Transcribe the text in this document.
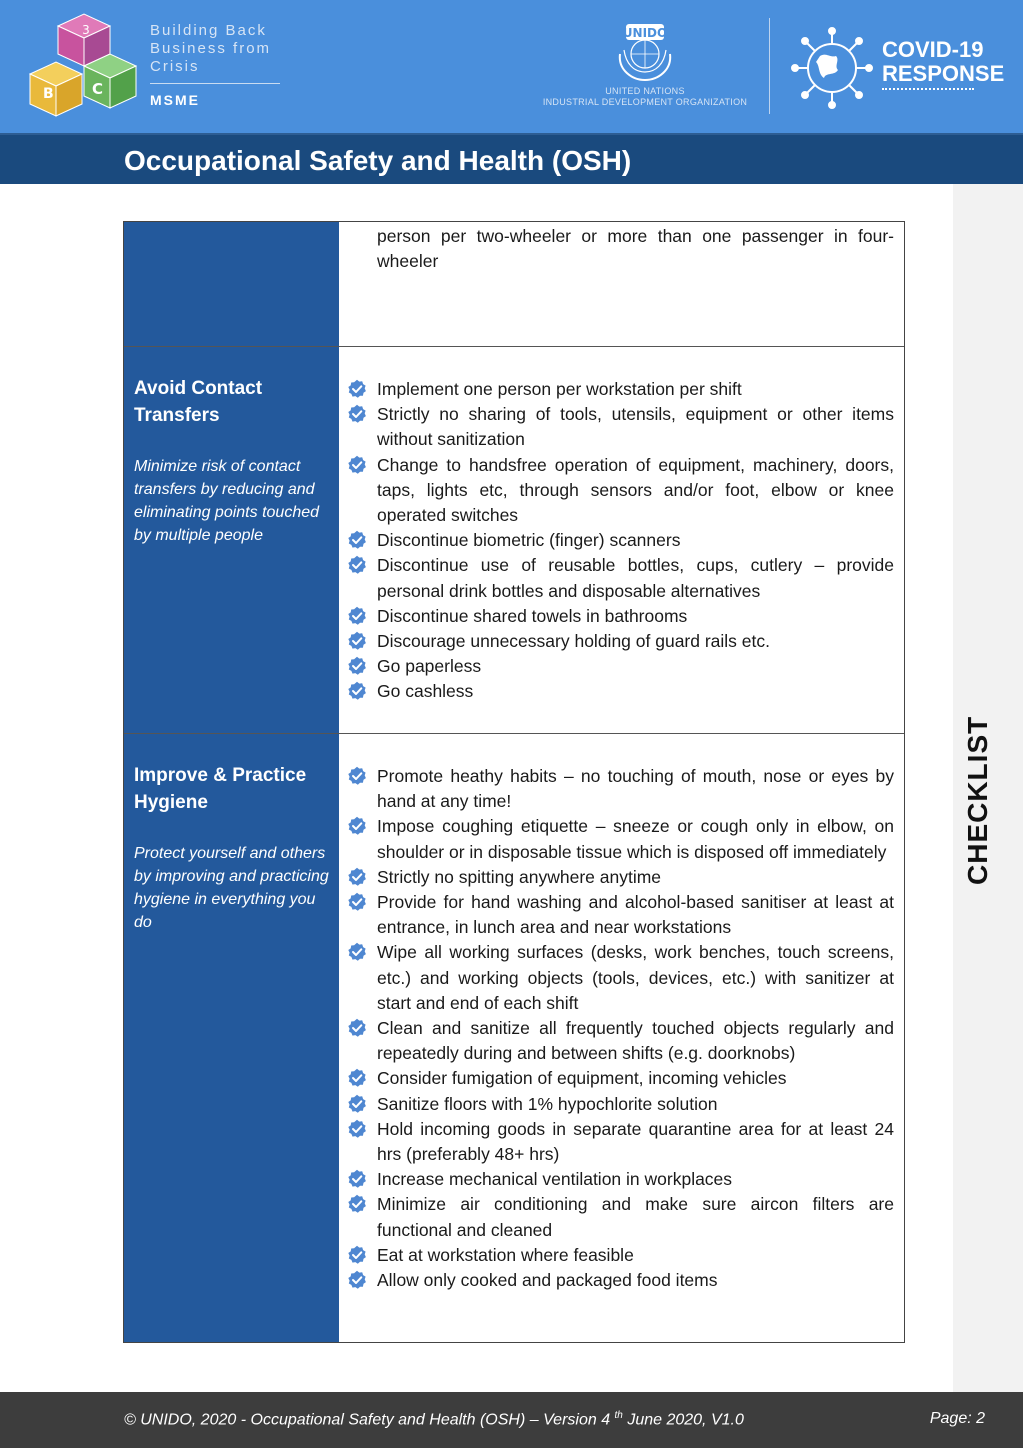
3
B	C
Building Back
Business from
Crisis
MSME
UNIDO
UNITED NATIONS
INDUSTRIAL DEVELOPMENT ORGANIZATION
COVID-19
RESPONSE
Occupational Safety and Health (OSH)
CHECKLIST

person per two-wheeler or more than one passenger in four-wheeler

Avoid Contact Transfers

Minimize risk of contact transfers by reducing and eliminating points touched by multiple people

Implement one person per workstation per shift
Strictly no sharing of tools, utensils, equipment or other items without sanitization
Change to handsfree operation of equipment, machinery, doors, taps, lights etc, through sensors and/or foot, elbow or knee operated switches
Discontinue biometric (finger) scanners
Discontinue use of reusable bottles, cups, cutlery – provide personal drink bottles and disposable alternatives
Discontinue shared towels in bathrooms
Discourage unnecessary holding of guard rails etc.
Go paperless
Go cashless

Improve & Practice Hygiene

Protect yourself and others by improving and practicing hygiene in everything you do

Promote heathy habits – no touching of mouth, nose or eyes by hand at any time!
Impose coughing etiquette – sneeze or cough only in elbow, on shoulder or in disposable tissue which is disposed off immediately
Strictly no spitting anywhere anytime
Provide for hand washing and alcohol-based sanitiser at least at entrance, in lunch area and near workstations
Wipe all working surfaces (desks, work benches, touch screens, etc.) and working objects (tools, devices, etc.) with sanitizer at start and end of each shift
Clean and sanitize all frequently touched objects regularly and repeatedly during and between shifts (e.g. doorknobs)
Consider fumigation of equipment, incoming vehicles
Sanitize floors with 1% hypochlorite solution
Hold incoming goods in separate quarantine area for at least 24 hrs (preferably 48+ hrs)
Increase mechanical ventilation in workplaces
Minimize air conditioning and make sure aircon filters are functional and cleaned
Eat at workstation where feasible
Allow only cooked and packaged food items
© UNIDO, 2020 - Occupational Safety and Health (OSH) – Version 4 $^{th}$ June 2020, V1.0	Page: 2
